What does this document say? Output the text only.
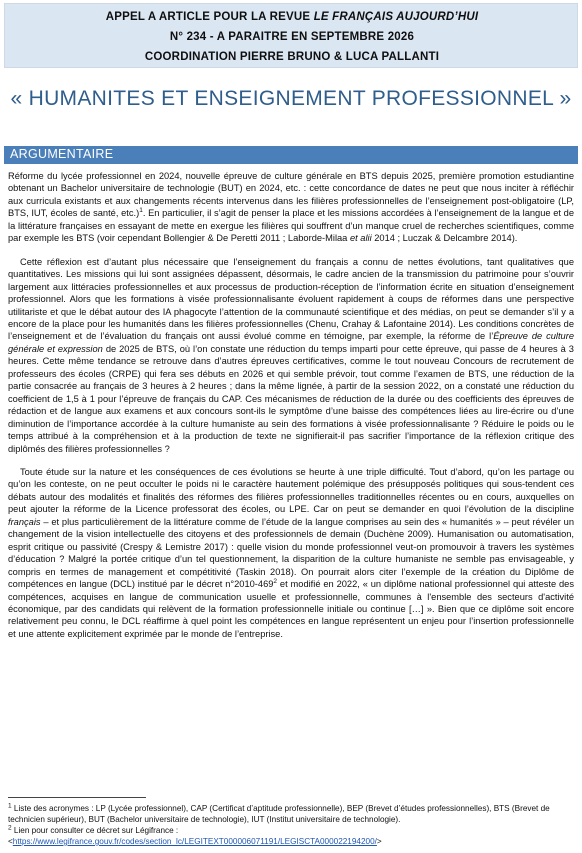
APPEL A ARTICLE POUR LA REVUE LE FRANÇAIS AUJOURD’HUI
N° 234 - A PARAITRE EN SEPTEMBRE 2026
COORDINATION PIERRE BRUNO & LUCA PALLANTI
« HUMANITES ET ENSEIGNEMENT PROFESSIONNEL »
ARGUMENTAIRE

Réforme du lycée professionnel en 2024, nouvelle épreuve de culture générale en BTS depuis 2025, première promotion estudiantine obtenant un Bachelor universitaire de technologie (BUT) en 2024, etc. : cette concordance de dates ne peut que nous inciter à réfléchir aux curricula existants et aux changements récents intervenus dans les filières professionnelles de l’enseignement post-obligatoire (LP, BTS, IUT, écoles de santé, etc.)$^1$. En particulier, il s’agit de penser la place et les missions accordées à l’enseignement de la langue et de la littérature françaises en essayant de mette en exergue les filières qui souffrent d’un manque cruel de recherches scientifiques, comme par exemple les BTS (voir cependant Bollengier & De Peretti 2011 ; Laborde-Milaa et alii 2014 ; Luczak & Delcambre 2014).

Cette réflexion est d’autant plus nécessaire que l’enseignement du français a connu de nettes évolutions, tant qualitatives que quantitatives. Les missions qui lui sont assignées dépassent, désormais, le cadre ancien de la transmission du patrimoine pour s’ouvrir largement aux littéracies professionnelles et aux processus de production-réception de l’information écrite en situation d’enseignement professionnel. Alors que les formations à visée professionnalisante évoluent rapidement à coups de réformes dans une perspective utilitariste et que le débat autour des IA phagocyte l’attention de la communauté scientifique et des médias, on peut se demander s’il y a encore de la place pour les humanités dans les filières professionnelles (Chenu, Crahay & Lafontaine 2014). Les conditions concrètes de l’enseignement et de l’évaluation du français ont aussi évolué comme en témoigne, par exemple, la réforme de l’Épreuve de culture générale et expression de 2025 de BTS, où l’on constate une réduction du temps imparti pour cette épreuve, qui passe de 4 heures à 3 heures. Cette même tendance se retrouve dans d’autres épreuves certificatives, comme le tout nouveau Concours de recrutement de professeurs des écoles (CRPE) qui fera ses débuts en 2026 et qui semble prévoir, tout comme l’examen de BTS, une réduction de la partie consacrée au français de 3 heures à 2 heures ; dans la même lignée, à partir de la session 2022, on a constaté une réduction du coefficient de 1,5 à 1 pour l’épreuve de français du CAP. Ces mécanismes de réduction de la durée ou des coefficients des épreuves de rédaction et de langue aux examens et aux concours sont-ils le symptôme d’une baisse des compétences liées au lire-écrire ou d’une diminution de l’importance accordée à la culture humaniste au sein des formations à visée professionnalisante ? Réduire le poids ou le temps attribué à la compréhension et à la production de texte ne signifierait-il pas sacrifier l’importance de la réflexion critique des diplômés des filières professionnelles ?

Toute étude sur la nature et les conséquences de ces évolutions se heurte à une triple difficulté. Tout d’abord, qu’on les partage ou qu’on les conteste, on ne peut occulter le poids ni le caractère hautement polémique des présupposés politiques qui sous-tendent ces débats autour des modalités et finalités des réformes des filières professionnelles traditionnelles récentes ou en cours, auxquelles on peut ajouter la réforme de la Licence professorat des écoles, ou LPE. Car on peut se demander en quoi l’évolution de la discipline français – et plus particulièrement de la littérature comme de l’étude de la langue comprises au sein des « humanités » – peut révéler un changement de la vision intellectuelle des citoyens et des professionnels de demain (Duchène 2009). Humanisation ou automatisation, esprit critique ou passivité (Crespy & Lemistre 2017) : quelle vision du monde professionnel veut-on promouvoir à travers les systèmes d’éducation ? Malgré la portée critique d’un tel questionnement, la disparition de la culture humaniste ne semble pas envisageable, y compris en termes de management et compétitivité (Taskin 2018). On pourrait alors citer l’exemple de la création du Diplôme de compétences en langue (DCL) institué par le décret $n^\circ 2010-469^2$ et modifié en 2022, « un diplôme national professionnel qui atteste des compétences, acquises en langue de communication usuelle et professionnelle, communes à l'ensemble des secteurs d'activité économique, par des candidats qui relèvent de la formation professionnelle initiale ou continue […] ». Bien que ce diplôme soit encore relativement peu connu, le DCL réaffirme à quel point les compétences en langue représentent un enjeu pour l’insertion professionnelle et une attente explicitement exprimée par le monde de l’entreprise.

$^1$ Liste des acronymes : LP (Lycée professionnel), CAP (Certificat d’aptitude professionnelle), BEP (Brevet d’études professionnelles), BTS (Brevet de technicien supérieur), BUT (Bachelor universitaire de technologie), IUT (Institut universitaire de technologie).

$^2$ Lien pour consulter ce décret sur Légifrance :

<https://www.legifrance.gouv.fr/codes/section_lc/LEGITEXT000006071191/LEGISCTA000022194200/>
